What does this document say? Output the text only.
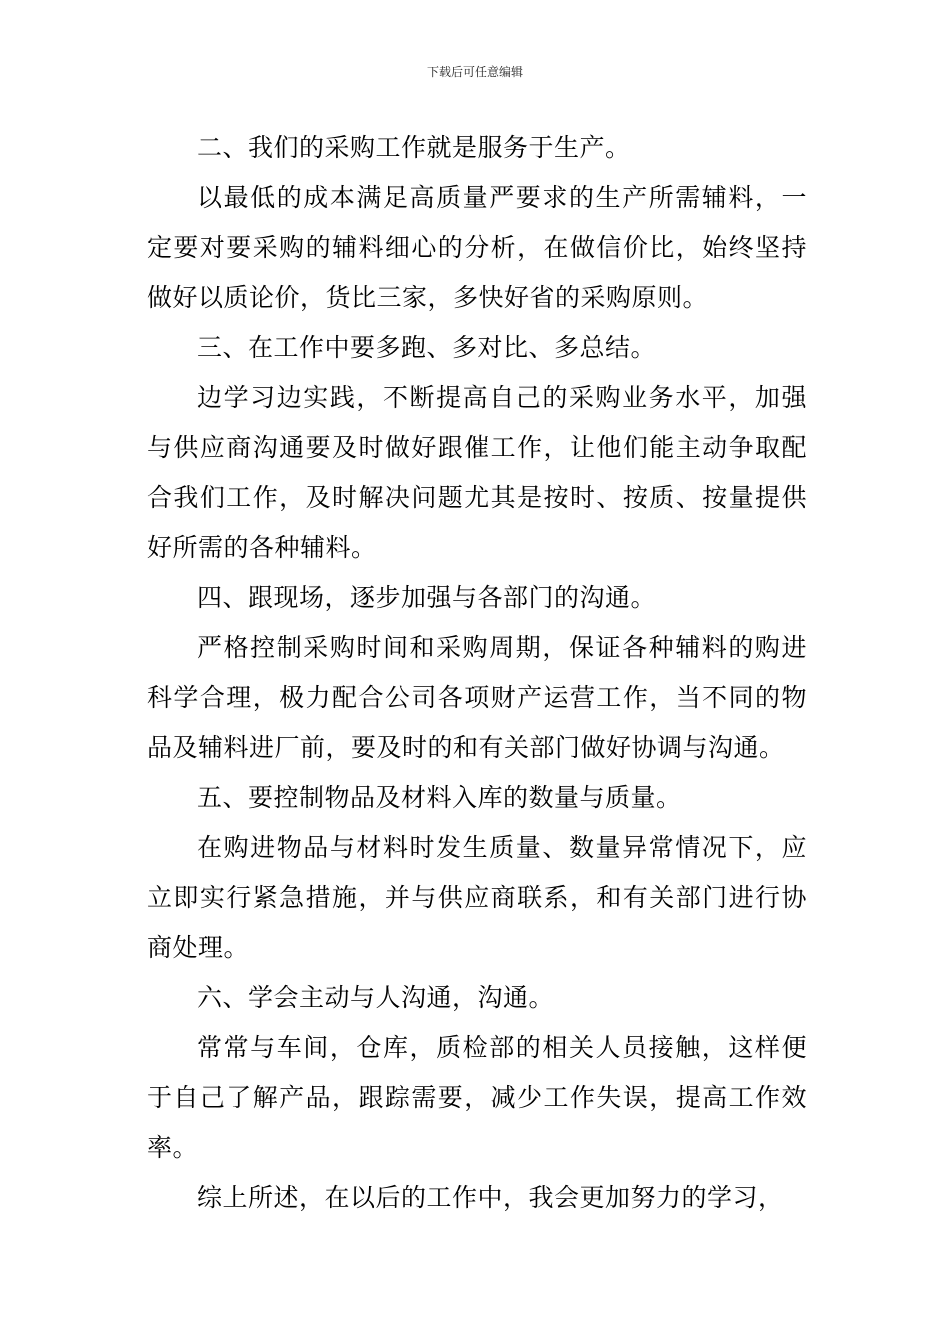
下载后可任意编辑

二、我们的采购工作就是服务于生产。

以最低的成本满足高质量严要求的生产所需辅料，一定要对要采购的辅料细心的分析，在做信价比，始终坚持做好以质论价，货比三家，多快好省的采购原则。

三、在工作中要多跑、多对比、多总结。

边学习边实践，不断提高自己的采购业务水平，加强与供应商沟通要及时做好跟催工作，让他们能主动争取配合我们工作，及时解决问题尤其是按时、按质、按量提供好所需的各种辅料。

四、跟现场，逐步加强与各部门的沟通。

严格控制采购时间和采购周期，保证各种辅料的购进科学合理，极力配合公司各项财产运营工作，当不同的物品及辅料进厂前，要及时的和有关部门做好协调与沟通。

五、要控制物品及材料入库的数量与质量。

在购进物品与材料时发生质量、数量异常情况下，应立即实行紧急措施，并与供应商联系，和有关部门进行协商处理。

六、学会主动与人沟通，沟通。

常常与车间，仓库，质检部的相关人员接触，这样便于自己了解产品，跟踪需要，减少工作失误，提高工作效率。

综上所述，在以后的工作中，我会更加努力的学习，
